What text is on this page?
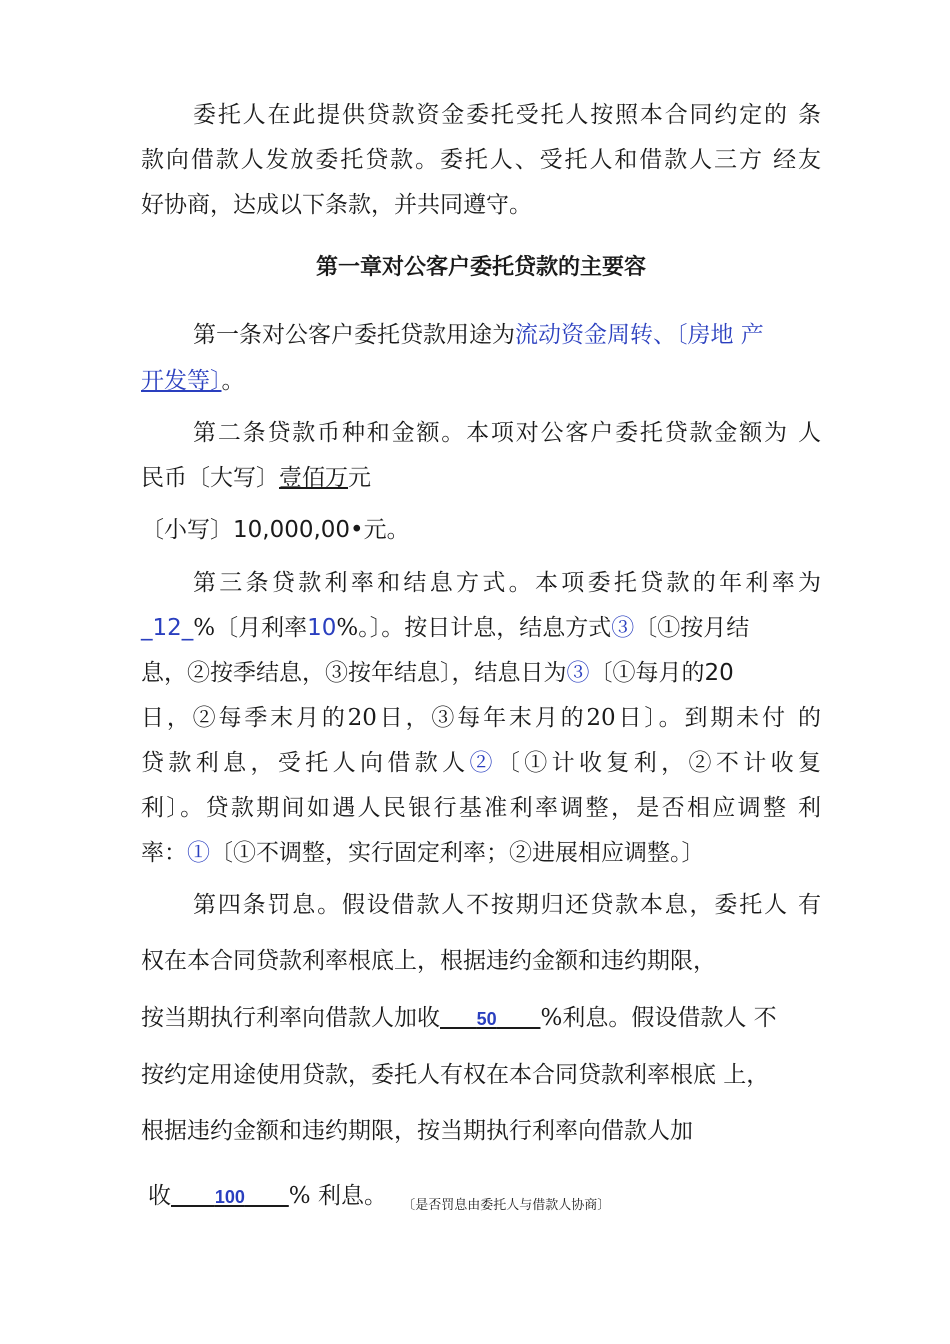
委托人在此提供贷款资金委托受托人按照本合同约定的 条
款向借款人发放委托贷款。委托人、受托人和借款人三方 经友
好协商，达成以下条款，并共同遵守。
第一章对公客户委托贷款的主要容
第一条对公客户委托贷款用途为流动资金周转、〔房地 产
开发等〕。
第二条贷款币种和金额。本项对公客户委托贷款金额为 人
民币〔大写〕壹佰万元
〔小写〕10,000,00•元。
第三条贷款利率和结息方式。本项委托贷款的年利率为
_12_%〔月利率10%。〕。按日计息，结息方式③〔①按月结
息，②按季结息，③按年结息〕，结息日为③〔①每月的20
日，②每季末月的20日，③每年末月的20日〕。到期未付 的
贷款利息，受托人向借款人②〔①计收复利，②不计收复
利〕。贷款期间如遇人民银行基准利率调整，是否相应调整 利
率：①〔①不调整，实行固定利率；②进展相应调整。〕
第四条罚息。假设借款人不按期归还贷款本息，委托人 有
权在本合同贷款利率根底上，根据违约金额和违约期限，
按当期执行利率向借款人加收 50 %利息。假设借款人 不
按约定用途使用贷款，委托人有权在本合同贷款利率根底 上，
根据违约金额和违约期限，按当期执行利率向借款人加
收 100 % 利息。 $_{〔是否罚息由委托人与借款人协商〕}$
